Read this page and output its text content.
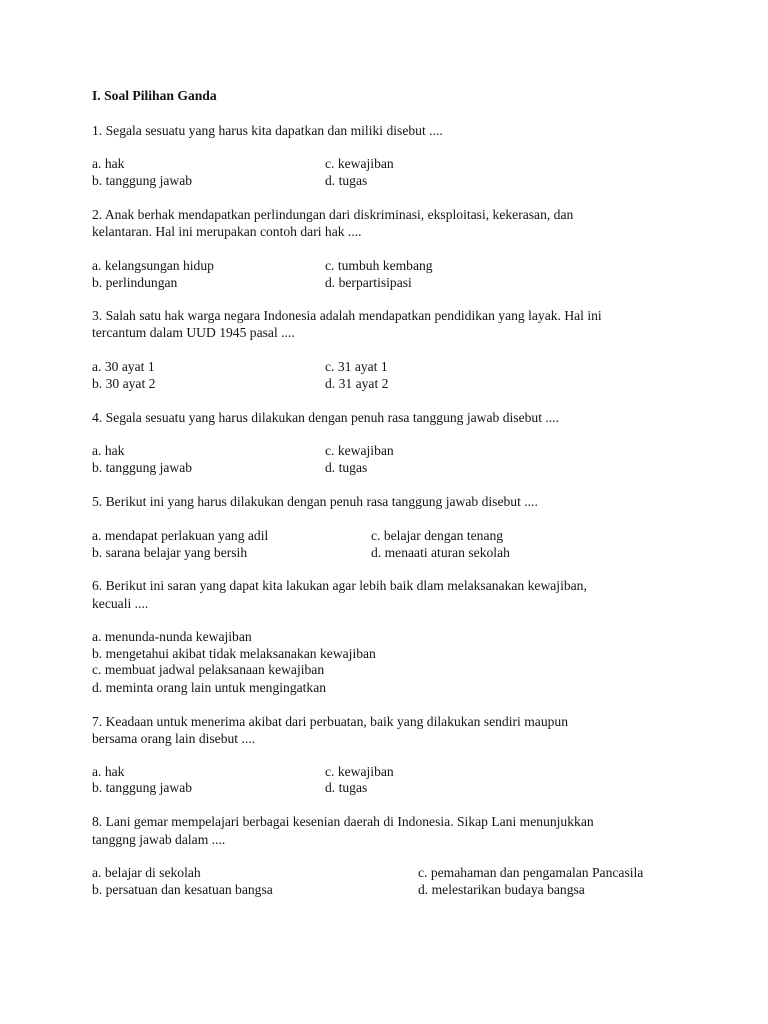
I. Soal Pilihan Ganda
1. Segala sesuatu yang harus kita dapatkan dan miliki disebut ....
a. hak
b. tanggung jawab
c. kewajiban
d. tugas
2. Anak berhak mendapatkan perlindungan dari diskriminasi, eksploitasi, kekerasan, dan
kelantaran. Hal ini merupakan contoh dari hak ....
a. kelangsungan hidup
b. perlindungan
c. tumbuh kembang
d. berpartisipasi
3. Salah satu hak warga negara Indonesia adalah mendapatkan pendidikan yang layak. Hal ini
tercantum dalam UUD 1945 pasal ....
a. 30 ayat 1
b. 30 ayat 2
c. 31 ayat 1
d. 31 ayat 2
4. Segala sesuatu yang harus dilakukan dengan penuh rasa tanggung jawab disebut ....
a. hak
b. tanggung jawab
c. kewajiban
d. tugas
5. Berikut ini yang harus dilakukan dengan penuh rasa tanggung jawab disebut ....
a. mendapat perlakuan yang adil
b. sarana belajar yang bersih
c. belajar dengan tenang
d. menaati aturan sekolah
6. Berikut ini saran yang dapat kita lakukan agar lebih baik dlam melaksanakan kewajiban,
kecuali ....
a. menunda-nunda kewajiban
b. mengetahui akibat tidak melaksanakan kewajiban
c. membuat jadwal pelaksanaan kewajiban
d. meminta orang lain untuk mengingatkan
7. Keadaan untuk menerima akibat dari perbuatan, baik yang dilakukan sendiri maupun
bersama orang lain disebut ....
a. hak
b. tanggung jawab
c. kewajiban
d. tugas
8. Lani gemar mempelajari berbagai kesenian daerah di Indonesia. Sikap Lani menunjukkan
tanggng jawab dalam ....
a. belajar di sekolah
b. persatuan dan kesatuan bangsa
c. pemahaman dan pengamalan Pancasila
d. melestarikan budaya bangsa
